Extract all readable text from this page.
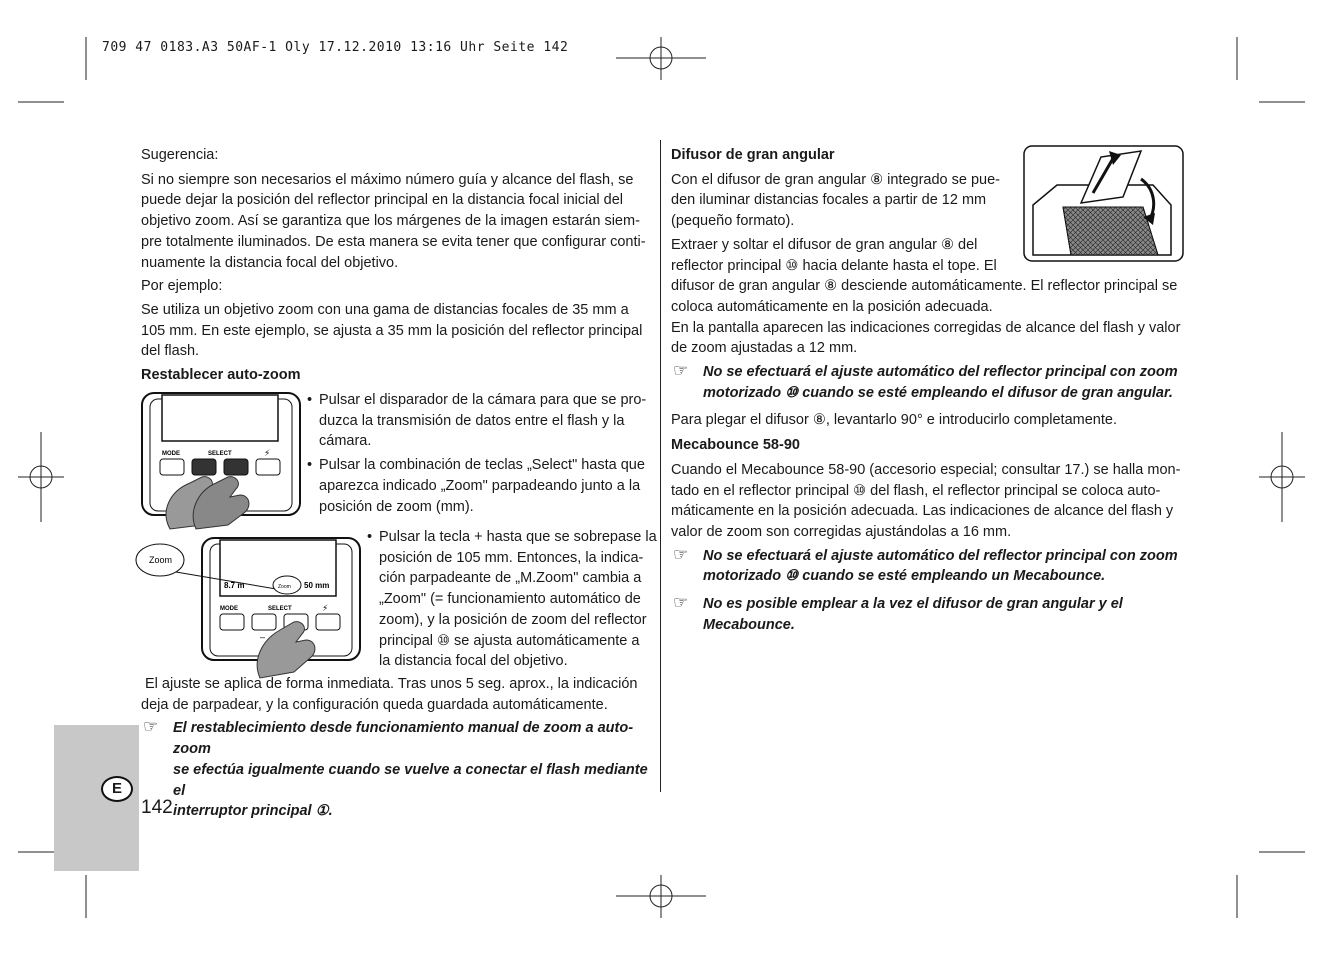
709 47 0183.A3 50AF-1 Oly 17.12.2010 13:16 Uhr Seite 142

Sugerencia:

Si no siempre son necesarios el máximo número guía y alcance del flash, se

puede dejar la posición del reflector principal en la distancia focal inicial del

objetivo zoom. Así se garantiza que los márgenes de la imagen estarán siem-

pre totalmente iluminados. De esta manera se evita tener que configurar conti-

nuamente la distancia focal del objetivo.

Por ejemplo:

Se utiliza un objetivo zoom con una gama de distancias focales de 35 mm a

105 mm. En este ejemplo, se ajusta a 35 mm la posición del reflector principal

del flash.

Restablecer auto-zoom

MODE	SELECT	⚡

• Pulsar el disparador de la cámara para que se pro-

duzca la transmisión de datos entre el flash y la

cámara.

• Pulsar la combinación de teclas „Select" hasta que

aparezca indicado „Zoom" parpadeando junto a la

posición de zoom (mm).

Zoom
8.7 m	Zoom 50 mm
MODE	SELECT	⚡
–

• Pulsar la tecla + hasta que se sobrepase la

posición de 105 mm. Entonces, la indica-

ción parpadeante de „M.Zoom" cambia a

„Zoom" (= funcionamiento automático de

zoom), y la posición de zoom del reflector

principal ⑩ se ajusta automáticamente a

la distancia focal del objetivo.

El ajuste se aplica de forma inmediata. Tras unos 5 seg. aprox., la indicación

deja de parpadear, y la configuración queda guardada automáticamente.

☞ El restablecimiento desde funcionamiento manual de zoom a auto-zoom

se efectúa igualmente cuando se vuelve a conectar el flash mediante el

interruptor principal ①.

E
142

Difusor de gran angular

Con el difusor de gran angular ⑧ integrado se pue-

den iluminar distancias focales a partir de 12 mm

(pequeño formato).

Extraer y soltar el difusor de gran angular ⑧ del

reflector principal ⑩ hacia delante hasta el tope. El

difusor de gran angular ⑧ desciende automáticamente. El reflector principal se

coloca automáticamente en la posición adecuada.

En la pantalla aparecen las indicaciones corregidas de alcance del flash y valor

de zoom ajustadas a 12 mm.

☞ No se efectuará el ajuste automático del reflector principal con zoom

motorizado ⑩ cuando se esté empleando el difusor de gran angular.

Para plegar el difusor ⑧, levantarlo 90° e introducirlo completamente.

Mecabounce 58-90

Cuando el Mecabounce 58-90 (accesorio especial; consultar 17.) se halla mon-

tado en el reflector principal ⑩ del flash, el reflector principal se coloca auto-

máticamente en la posición adecuada. Las indicaciones de alcance del flash y

valor de zoom son corregidas ajustándolas a 16 mm.

☞ No se efectuará el ajuste automático del reflector principal con zoom

motorizado ⑩ cuando se esté empleando un Mecabounce.

☞ No es posible emplear a la vez el difusor de gran angular y el

Mecabounce.
